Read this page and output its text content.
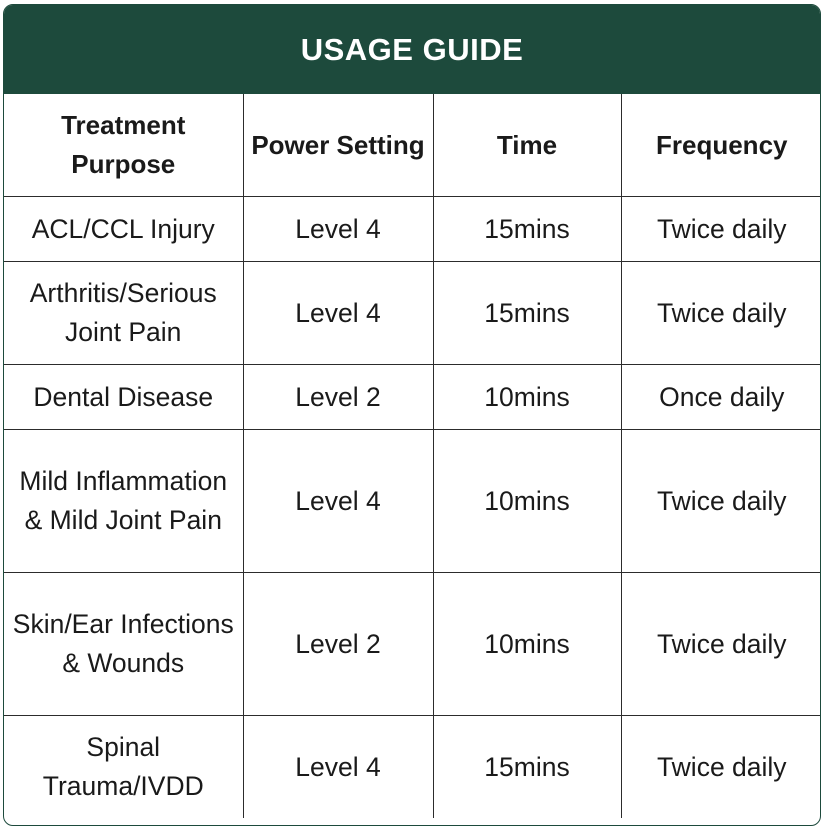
USAGE GUIDE
Treatment Purpose	Power Setting	Time	Frequency
ACL/CCL Injury	Level 4	15mins	Twice daily
Arthritis/Serious Joint Pain	Level 4	15mins	Twice daily
Dental Disease	Level 2	10mins	Once daily
Mild Inflammation & Mild Joint Pain	Level 4	10mins	Twice daily
Skin/Ear Infections & Wounds	Level 2	10mins	Twice daily
Spinal Trauma/IVDD	Level 4	15mins	Twice daily
